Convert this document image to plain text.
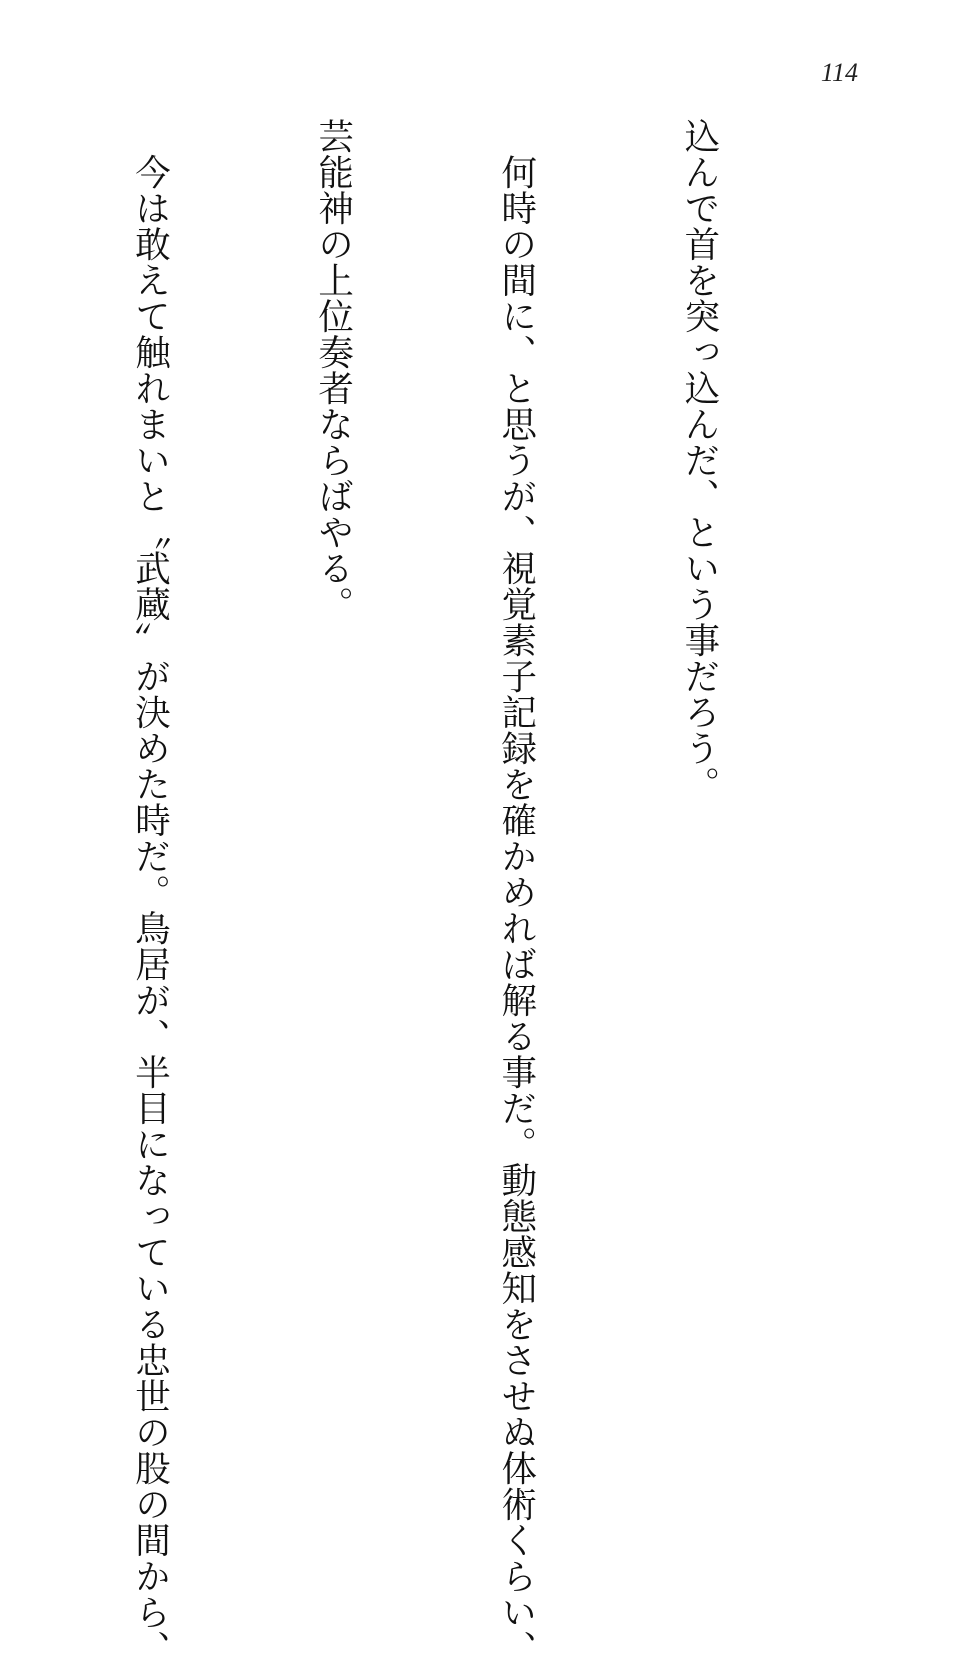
114

込んで首を突っ込んだ、という事だろう。

　何時の間に、と思うが、視覚素子記録を確かめれば解る事だ。動態感知をさせぬ体術くらい、

芸能神の上位奏者ならばやる。

　今は敢えて触れまいと〝武蔵〟が決めた時だ。鳥居が、半目になっている忠世の股の間から、
